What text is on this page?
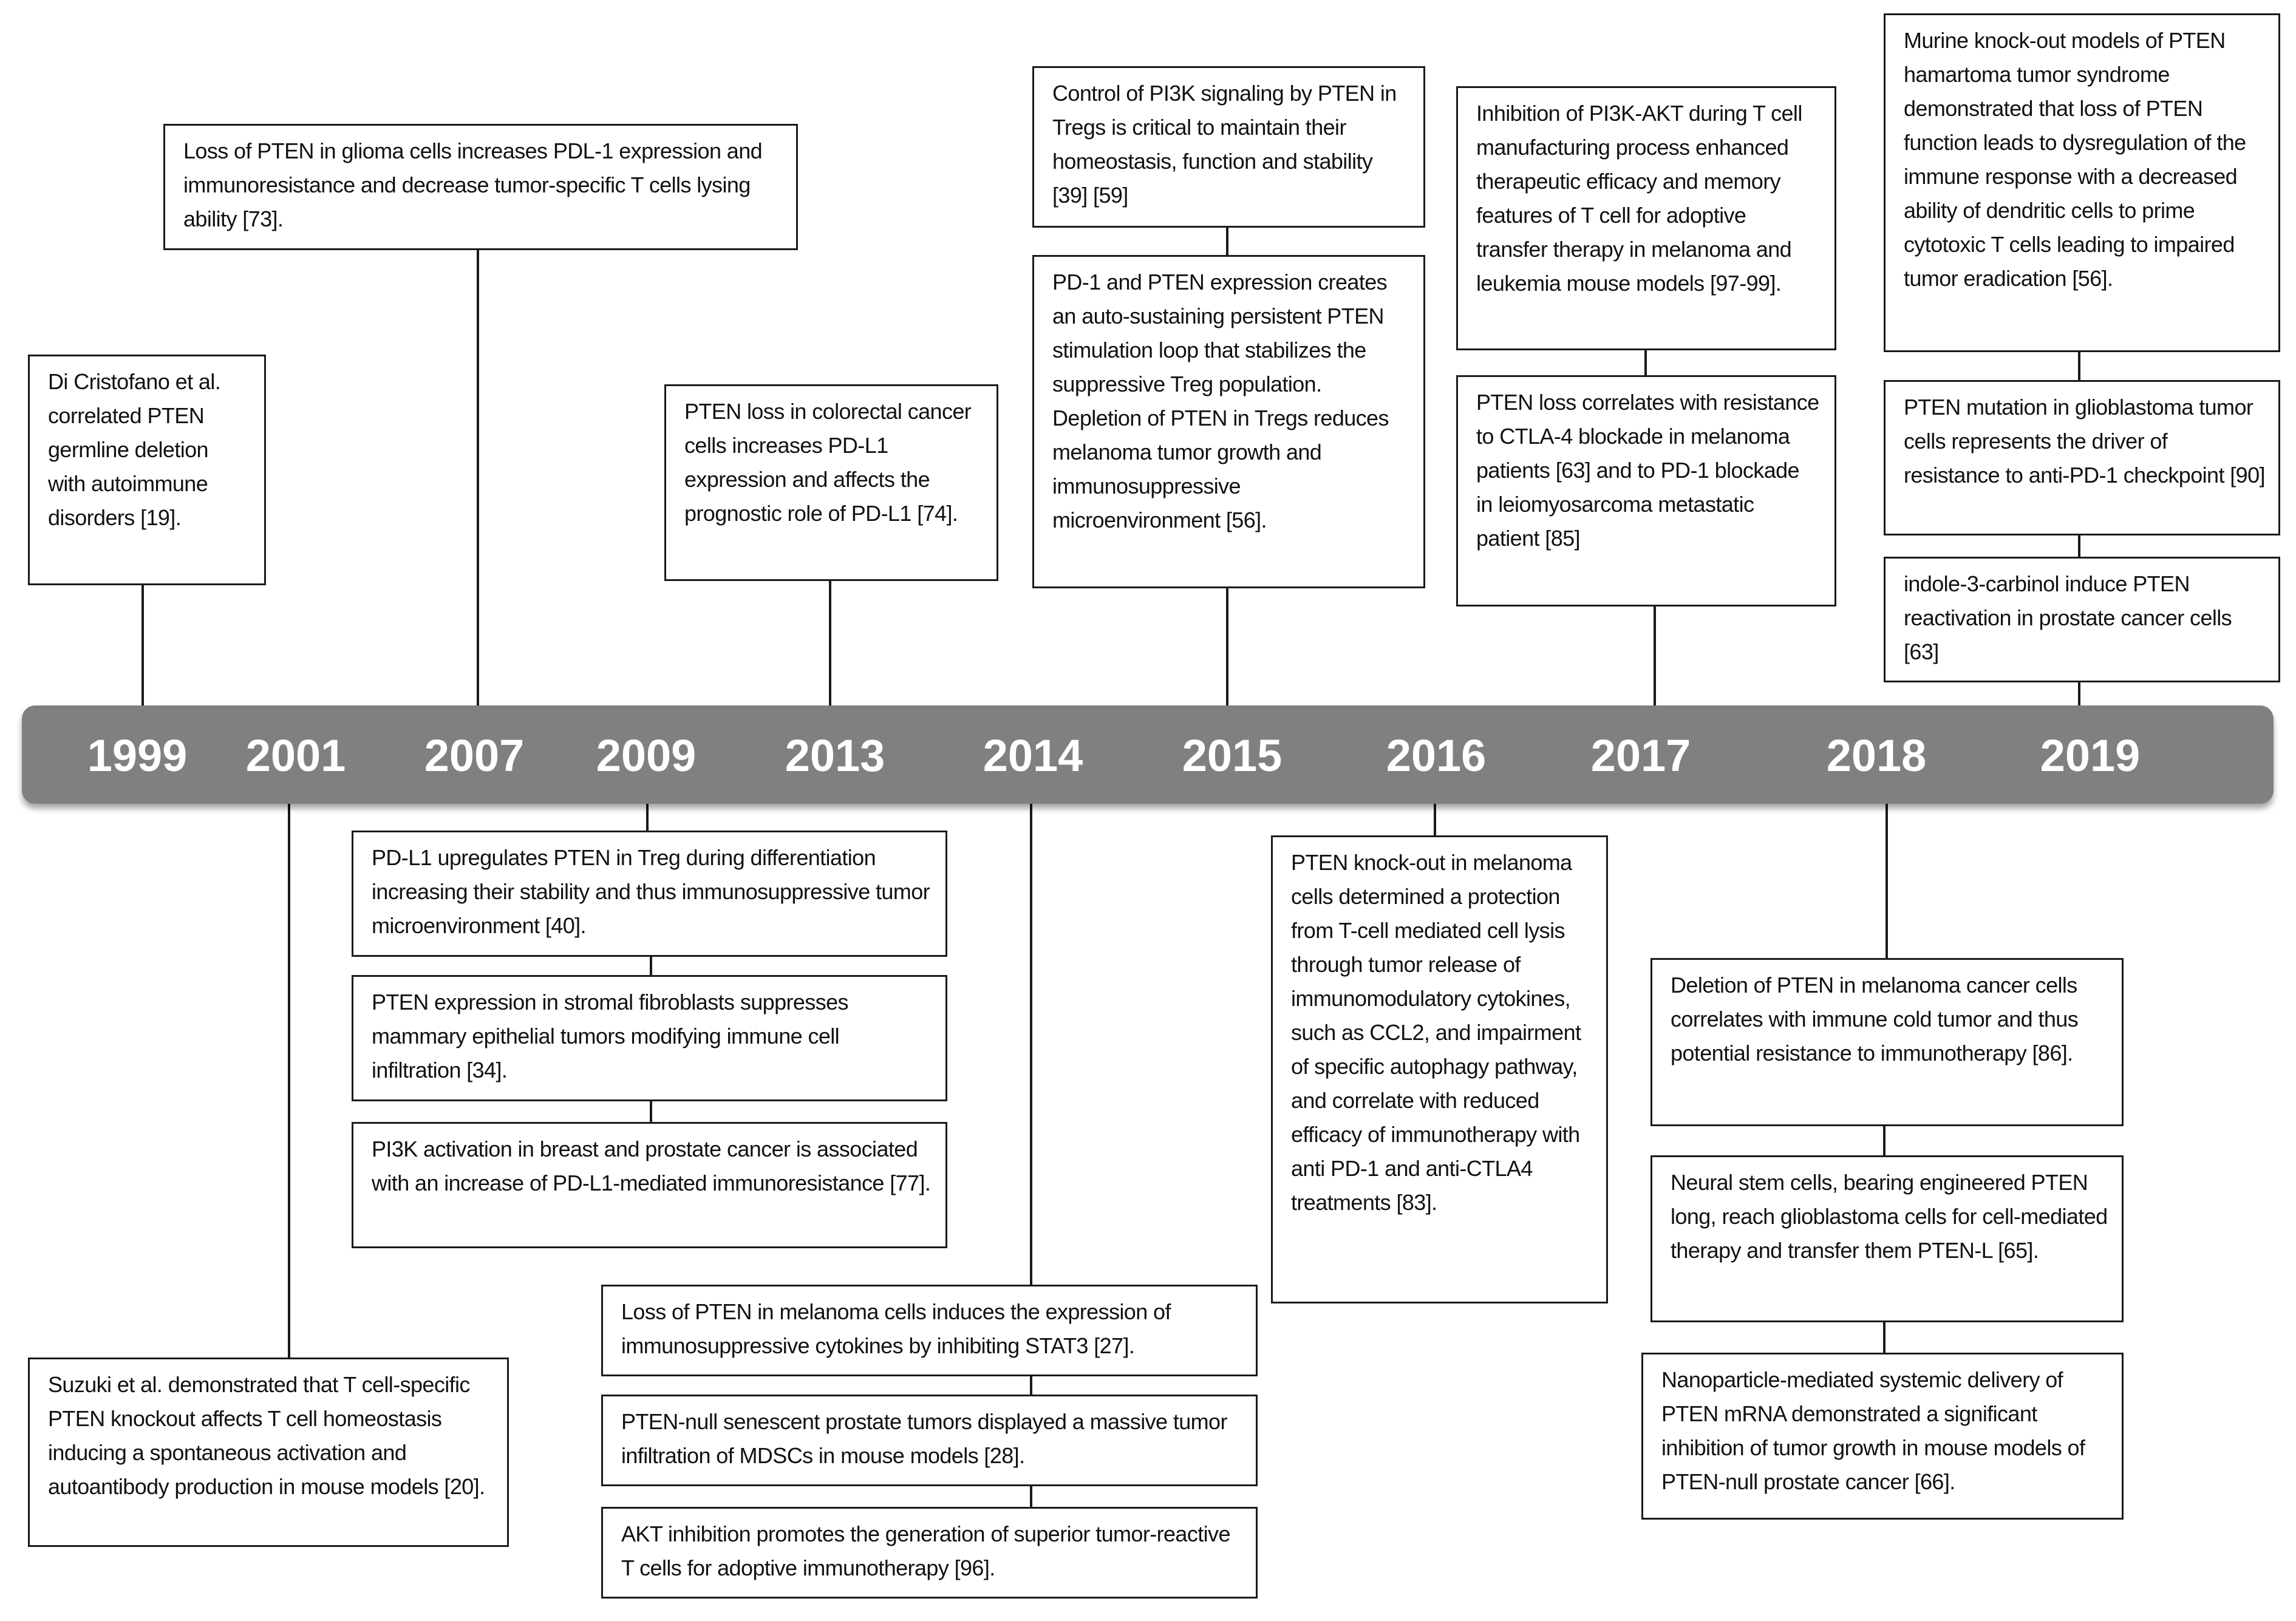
1999 2001 2007 2009 2013 2014 2015 2016 2017	2018	2019
Di Cristofano et al. correlated PTEN germline deletion with autoimmune disorders [19].
Suzuki et al. demonstrated that T cell-specific PTEN knockout affects T cell homeostasis inducing a spontaneous activation and autoantibody production in mouse models [20].
Loss of PTEN in glioma cells increases PDL-1 expression and immunoresistance and decrease tumor-specific T cells lysing ability [73].
PD-L1 upregulates PTEN in Treg during differentiation increasing their stability and thus immunosuppressive tumor microenvironment [40].
PTEN expression in stromal fibroblasts suppresses mammary epithelial tumors modifying immune cell infiltration [34].
PI3K activation in breast and prostate cancer is associated with an increase of PD-L1-mediated immunoresistance [77].
PTEN loss in colorectal cancer cells increases PD-L1 expression and affects the prognostic role of PD-L1 [74].
Loss of PTEN in melanoma cells induces the expression of immunosuppressive cytokines by inhibiting STAT3 [27].
PTEN-null senescent prostate tumors displayed a massive tumor infiltration of MDSCs in mouse models [28].
AKT inhibition promotes the generation of superior tumor-reactive T cells for adoptive immunotherapy [96].
Control of PI3K signaling by PTEN in Tregs is critical to maintain their homeostasis, function and stability [39] [59]
PD-1 and PTEN expression creates an auto-sustaining persistent PTEN stimulation loop that stabilizes the suppressive Treg population. Depletion of PTEN in Tregs reduces melanoma tumor growth and immunosuppressive microenvironment [56].
PTEN knock-out in melanoma cells determined a protection from T-cell mediated cell lysis through tumor release of immunomodulatory cytokines, such as CCL2, and impairment of specific autophagy pathway, and correlate with reduced efficacy of immunotherapy with anti PD-1 and anti-CTLA4 treatments [83].
Inhibition of PI3K-AKT during T cell manufacturing process enhanced therapeutic efficacy and memory features of T cell for adoptive transfer therapy in melanoma and leukemia mouse models [97-99].
PTEN loss correlates with resistance to CTLA-4 blockade in melanoma patients [63] and to PD-1 blockade in leiomyosarcoma metastatic patient [85]
Deletion of PTEN in melanoma cancer cells correlates with immune cold tumor and thus potential resistance to immunotherapy [86].
Neural stem cells, bearing engineered PTEN long, reach glioblastoma cells for cell-mediated therapy and transfer them PTEN-L [65].
Nanoparticle-mediated systemic delivery of PTEN mRNA demonstrated a significant inhibition of tumor growth in mouse models of PTEN-null prostate cancer [66].
Murine knock-out models of PTEN hamartoma tumor syndrome demonstrated that loss of PTEN function leads to dysregulation of the immune response with a decreased ability of dendritic cells to prime cytotoxic T cells leading to impaired tumor eradication [56].
PTEN mutation in glioblastoma tumor cells represents the driver of resistance to anti-PD-1 checkpoint [90]
indole-3-carbinol induce PTEN reactivation in prostate cancer cells [63]
